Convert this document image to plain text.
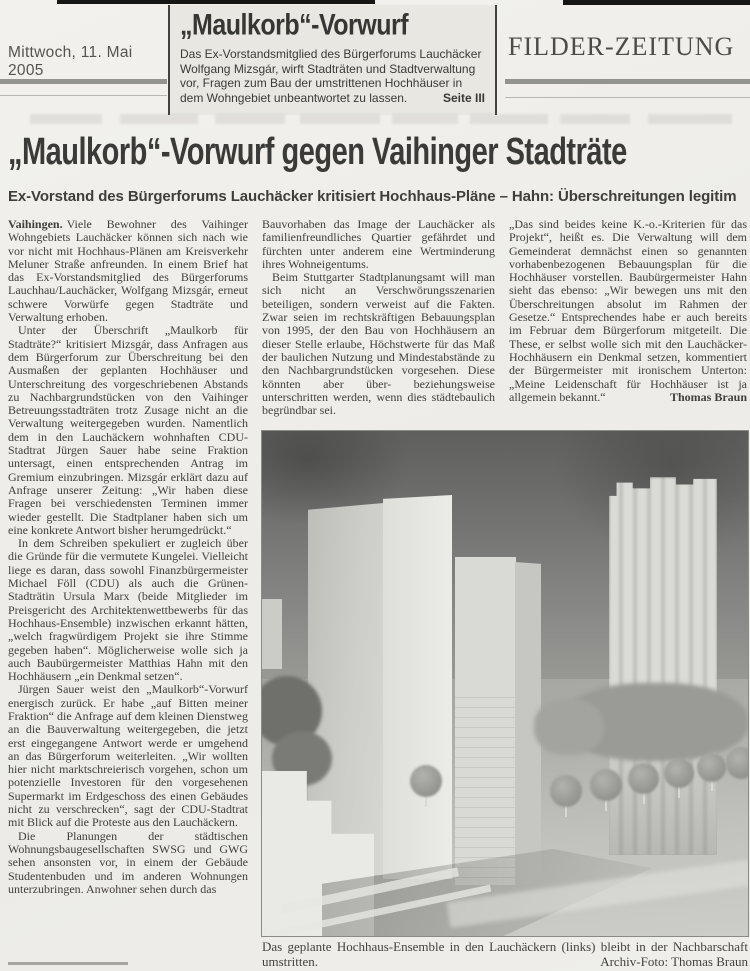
Mittwoch, 11. Mai 2005

„Maulkorb“-Vorwurf

Das Ex-Vorstandsmitglied des Bürgerforums Lauchäcker Wolfgang Mizsgár, wirft Stadträten und Stadtverwaltung vor, Fragen zum Bau der umstrittenen Hochhäuser in dem Wohngebiet unbeantwortet zu lassen.	Seite III

FILDER-ZEITUNG
„Maulkorb“-Vorwurf gegen Vaihinger Stadträte
Ex-Vorstand des Bürgerforums Lauchäcker kritisiert Hochhaus-Pläne – Hahn: Überschreitungen legitim

Vaihingen. Viele Bewohner des Vaihinger Wohngebiets Lauchäcker können sich nach wie vor nicht mit Hochhaus-Plänen am Kreisverkehr Meluner Straße anfreunden. In einem Brief hat das Ex-Vorstandsmitglied des Bürgerforums Lauchhau/Lauchäcker, Wolfgang Mizsgár, erneut schwere Vorwürfe gegen Stadträte und Verwaltung erhoben.

Unter der Überschrift „Maulkorb für Stadträte?“ kritisiert Mizsgár, dass Anfragen aus dem Bürgerforum zur Überschreitung bei den Ausmaßen der geplanten Hochhäuser und Unterschreitung des vorgeschriebenen Abstands zu Nachbargrundstücken von den Vaihinger Betreuungsstadträten trotz Zusage nicht an die Verwaltung weitergegeben wurden. Namentlich dem in den Lauchäckern wohnhaften CDU-Stadtrat Jürgen Sauer habe seine Fraktion untersagt, einen entsprechenden Antrag im Gremium einzubringen. Mizsgár erklärt dazu auf Anfrage unserer Zeitung: „Wir haben diese Fragen bei verschiedensten Terminen immer wieder gestellt. Die Stadtplaner haben sich um eine konkrete Antwort bisher herumgedrückt.“

In dem Schreiben spekuliert er zugleich über die Gründe für die vermutete Kungelei. Vielleicht liege es daran, dass sowohl Finanzbürgermeister Michael Föll (CDU) als auch die Grünen-Stadträtin Ursula Marx (beide Mitglieder im Preisgericht des Architektenwettbewerbs für das Hochhaus-Ensemble) inzwischen erkannt hätten, „welch fragwürdigem Projekt sie ihre Stimme gegeben haben“. Möglicherweise wolle sich ja auch Baubürgermeister Matthias Hahn mit den Hochhäusern „ein Denkmal setzen“.

Jürgen Sauer weist den „Maulkorb“-Vorwurf energisch zurück. Er habe „auf Bitten meiner Fraktion“ die Anfrage auf dem kleinen Dienstweg an die Bauverwaltung weitergegeben, die jetzt erst eingegangene Antwort werde er umgehend an das Bürgerforum weiterleiten. „Wir wollten hier nicht marktschreierisch vorgehen, schon um potenzielle Investoren für den vorgesehenen Supermarkt im Erdgeschoss des einen Gebäudes nicht zu verschrecken“, sagt der CDU-Stadtrat mit Blick auf die Proteste aus den Lauchäckern.

Die Planungen der städtischen Wohnungsbaugesellschaften SWSG und GWG sehen ansonsten vor, in einem der Gebäude Studentenbuden und im anderen Wohnungen unterzubringen. Anwohner sehen durch das

Bauvorhaben das Image der Lauchäcker als familienfreundliches Quartier gefährdet und fürchten unter anderem eine Wertminderung ihres Wohneigentums.

Beim Stuttgarter Stadtplanungsamt will man sich nicht an Verschwörungsszenarien beteiligen, sondern verweist auf die Fakten. Zwar seien im rechtskräftigen Bebauungsplan von 1995, der den Bau von Hochhäusern an dieser Stelle erlaube, Höchstwerte für das Maß der baulichen Nutzung und Mindestabstände zu den Nachbargrundstücken vorgesehen. Diese könnten aber über- beziehungsweise unterschritten werden, wenn dies städtebaulich begründbar sei.

„Das sind beides keine K.-o.-Kriterien für das Projekt“, heißt es. Die Verwaltung will dem Gemeinderat demnächst einen so genannten vorhabenbezogenen Bebauungsplan für die Hochhäuser vorstellen. Baubürgermeister Hahn sieht das ebenso: „Wir bewegen uns mit den Überschreitungen absolut im Rahmen der Gesetze.“ Entsprechendes habe er auch bereits im Februar dem Bürgerforum mitgeteilt. Die These, er selbst wolle sich mit den Lauchäcker-Hochhäusern ein Denkmal setzen, kommentiert der Bürgermeister mit ironischem Unterton: „Meine Leidenschaft für Hochhäuser ist ja allgemein bekannt.“	Thomas Braun

Das geplante Hochhaus-Ensemble in den Lauchäckern (links) bleibt in der Nachbarschaft umstritten.	Archiv-Foto: Thomas Braun
